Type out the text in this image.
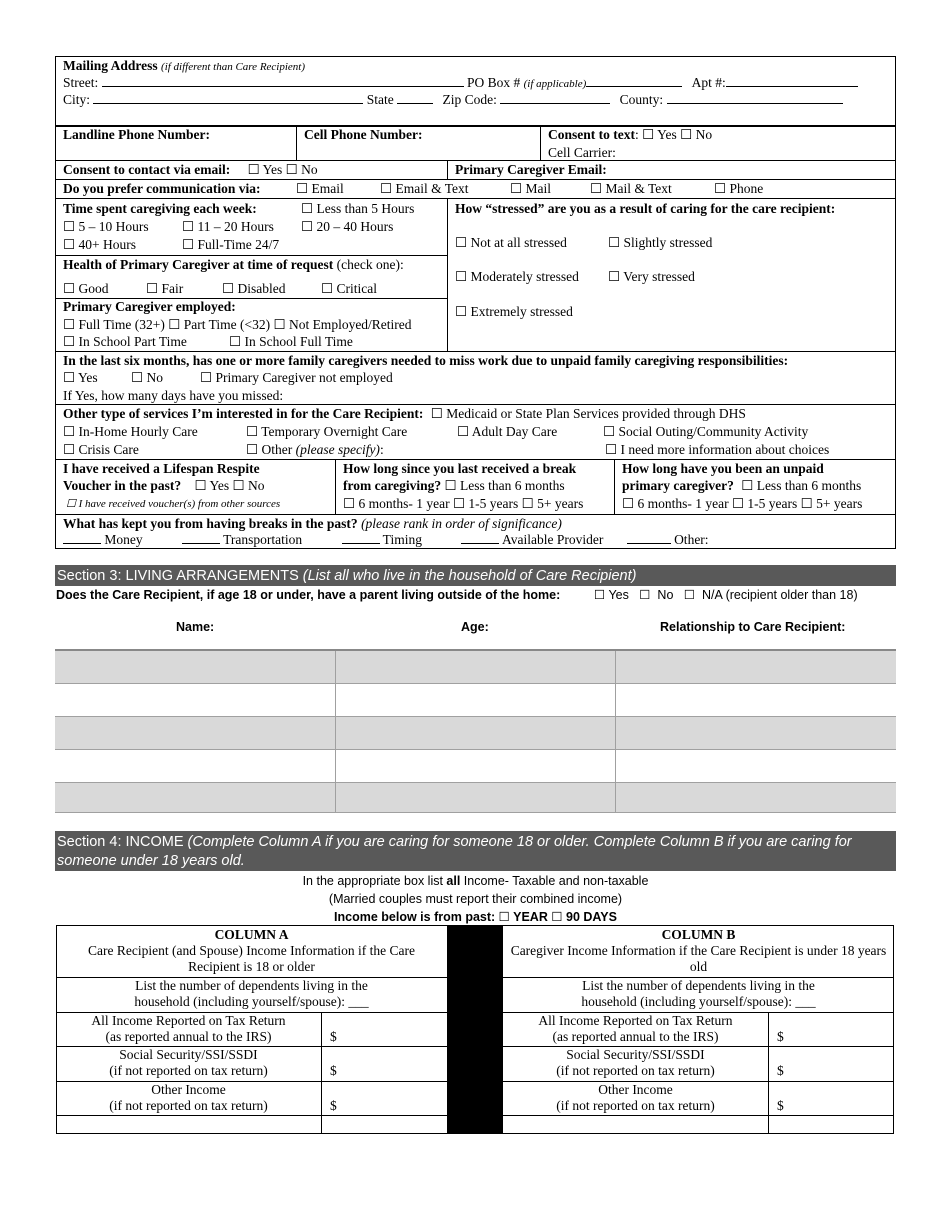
Mailing Address (if different than Care Recipient)
Street:	PO Box # (if applicable)	Apt #:
City:	State	Zip Code:	County:
Landline Phone Number:	Cell Phone Number:	Consent to text: ☐ Yes ☐ No
Cell Carrier:
Consent to contact via email: ☐ Yes ☐ No	Primary Caregiver Email:
Do you prefer communication via:	☐ Email	☐ Email & Text	☐ Mail	☐ Mail & Text	☐ Phone
Time spent caregiving each week:	☐ Less than 5 Hours
☐ 5 – 10 Hours	☐ 11 – 20 Hours	☐ 20 – 40 Hours
☐ 40+ Hours	☐ Full-Time 24/7
How “stressed” are you as a result of caring for the care recipient:
☐ Not at all stressed	☐ Slightly stressed
☐ Moderately stressed	☐ Very stressed
☐ Extremely stressed
Health of Primary Caregiver at time of request (check one):
☐ Good	☐ Fair	☐ Disabled	☐ Critical
Primary Caregiver employed:
☐ Full Time (32+) ☐ Part Time (<32) ☐ Not Employed/Retired
☐ In School Part Time	☐ In School Full Time
In the last six months, has one or more family caregivers needed to miss work due to unpaid family caregiving responsibilities:
☐ Yes	☐ No	☐ Primary Caregiver not employed
If Yes, how many days have you missed:
Other type of services I’m interested in for the Care Recipient: ☐ Medicaid or State Plan Services provided through DHS
☐ In-Home Hourly Care	☐ Temporary Overnight Care	☐ Adult Day Care	☐ Social Outing/Community Activity
☐ Crisis Care	☐ Other (please specify):	☐ I need more information about choices
I have received a Lifespan Respite
Voucher in the past? ☐ Yes ☐ No
☐ I have received voucher(s) from other sources
How long since you last received a break
from caregiving? ☐ Less than 6 months
☐ 6 months- 1 year ☐ 1-5 years ☐ 5+ years
How long have you been an unpaid
primary caregiver? ☐ Less than 6 months
☐ 6 months- 1 year ☐ 1-5 years ☐ 5+ years
What has kept you from having breaks in the past? (please rank in order of significance)
Money	Transportation	Timing	Available Provider	Other:
Section 3: LIVING ARRANGEMENTS (List all who live in the household of Care Recipient)
Does the Care Recipient, if age 18 or under, have a parent living outside of the home:	☐ Yes   ☐  No   ☐  N/A (recipient older than 18)
Name:	Age:	Relationship to Care Recipient:
Section 4: INCOME (Complete Column A if you are caring for someone 18 or older. Complete Column B if you are caring for someone under 18 years old.
In the appropriate box list all Income- Taxable and non-taxable
(Married couples must report their combined income)
Income below is from past: ☐ YEAR ☐ 90 DAYS
COLUMN A
Care Recipient (and Spouse) Income Information if the Care Recipient is 18 or older
List the number of dependents living in the household (including yourself/spouse): ___
All Income Reported on Tax Return
(as reported annual to the IRS)	$
Social Security/SSI/SSDI
(if not reported on tax return)	$
Other Income
(if not reported on tax return)	$
COLUMN B
Caregiver Income Information if the Care Recipient is under 18 years old
List the number of dependents living in the household (including yourself/spouse): ___
All Income Reported on Tax Return
(as reported annual to the IRS)	$
Social Security/SSI/SSDI
(if not reported on tax return)	$
Other Income
(if not reported on tax return)	$
